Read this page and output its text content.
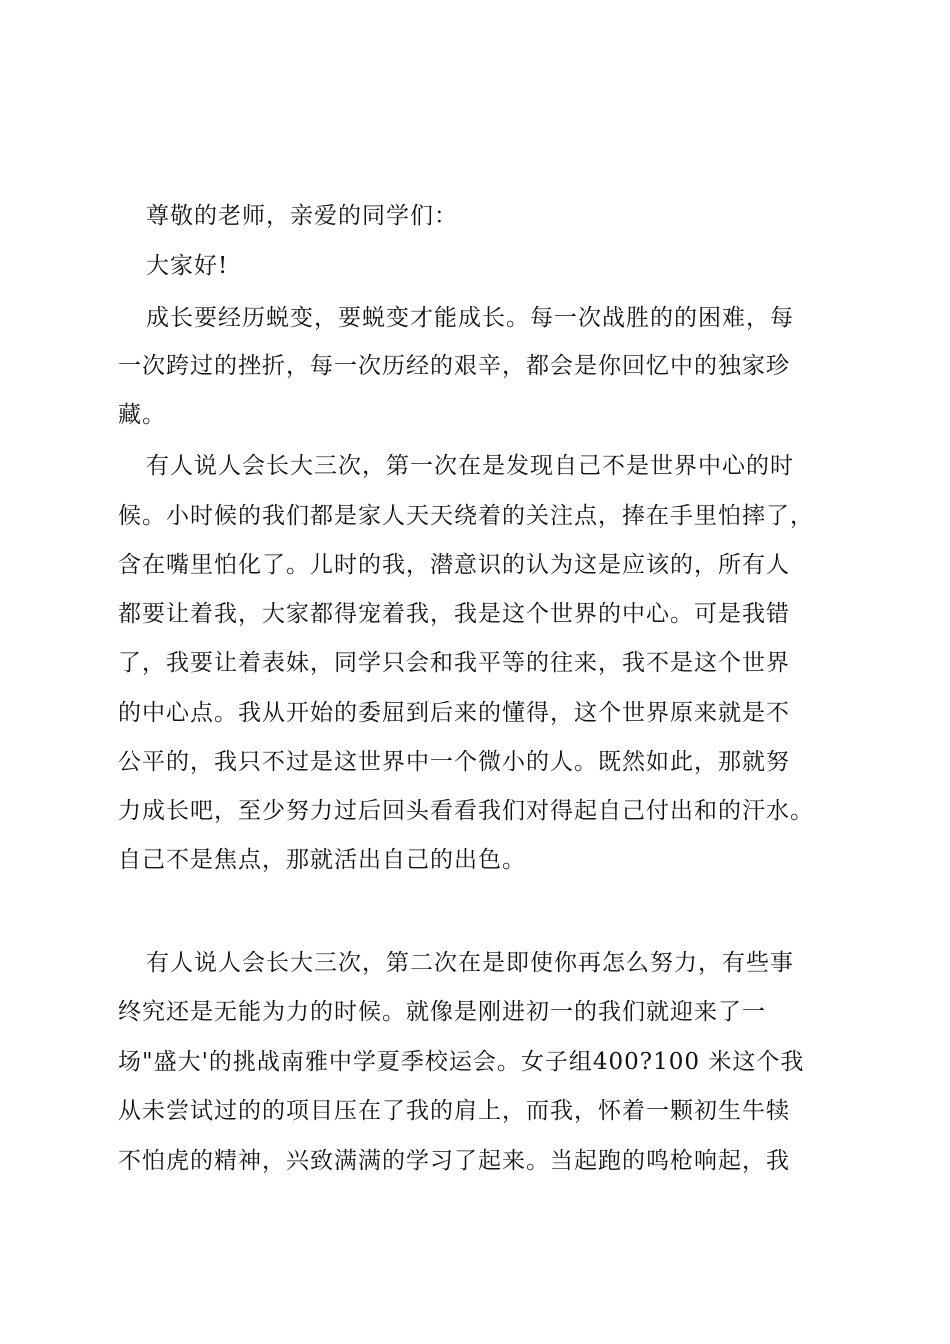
尊敬的老师，亲爱的同学们：
大家好!
成长要经历蜕变，要蜕变才能成长。每一次战胜的的困难，每
一次跨过的挫折，每一次历经的艰辛，都会是你回忆中的独家珍
藏。
有人说人会长大三次，第一次在是发现自己不是世界中心的时
候。小时候的我们都是家人天天绕着的关注点，捧在手里怕摔了，
含在嘴里怕化了。儿时的我，潜意识的认为这是应该的，所有人
都要让着我，大家都得宠着我，我是这个世界的中心。可是我错
了，我要让着表妹，同学只会和我平等的往来，我不是这个世界
的中心点。我从开始的委屈到后来的懂得，这个世界原来就是不
公平的，我只不过是这世界中一个微小的人。既然如此，那就努
力成长吧，至少努力过后回头看看我们对得起自己付出和的汗水。
自己不是焦点，那就活出自己的出色。
有人说人会长大三次，第二次在是即使你再怎么努力，有些事
终究还是无能为力的时候。就像是刚进初一的我们就迎来了一
场"盛大'的挑战南雅中学夏季校运会。女子组400?100 米这个我
从未尝试过的的项目压在了我的肩上，而我，怀着一颗初生牛犊
不怕虎的精神，兴致满满的学习了起来。当起跑的鸣枪响起，我
